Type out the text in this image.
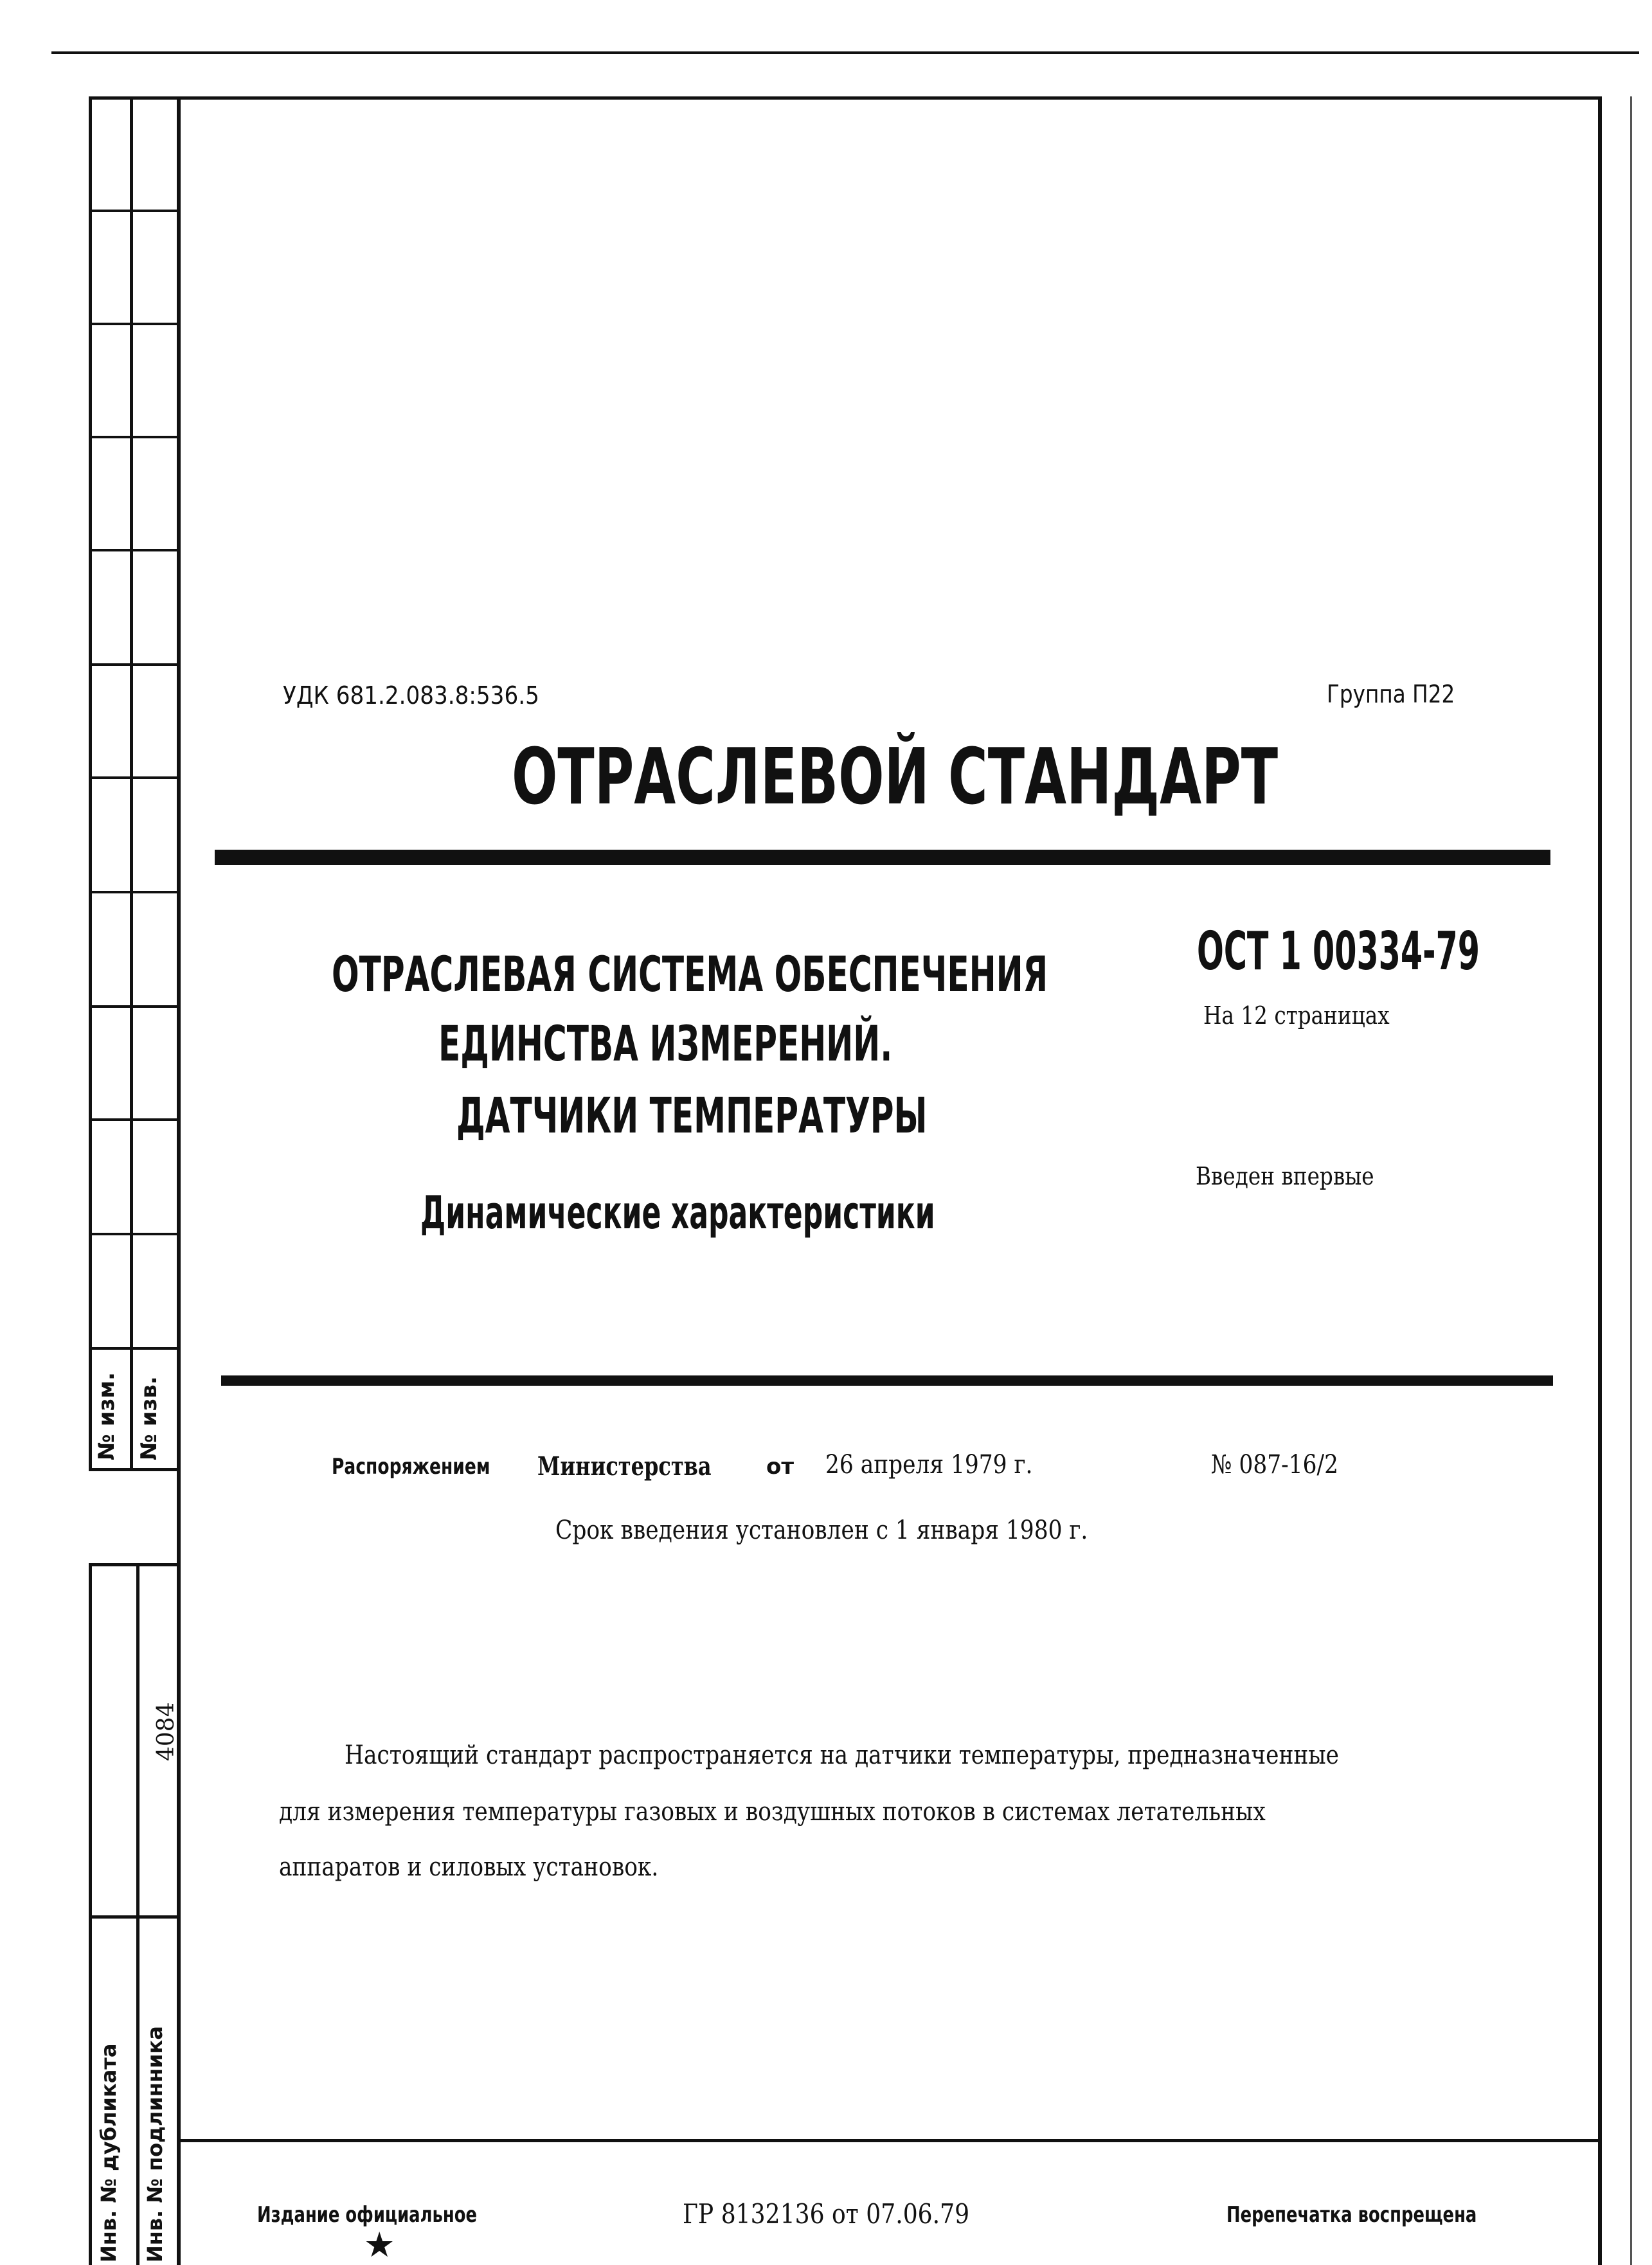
№ изм. № изв.
4084
Инв. № дубликата Инв. № подлинника
УДК 681.2.083.8:536.5	Группа П22
ОТРАСЛЕВОЙ СТАНДАРТ
ОТРАСЛЕВАЯ СИСТЕМА ОБЕСПЕЧЕНИЯ
ЕДИНСТВА ИЗМЕРЕНИЙ.
ДАТЧИКИ ТЕМПЕРАТУРЫ
Динамические характеристики
ОСТ 1 00334-79
На 12 страницах
Введен впервые
Распоряжением	Министерства	от 26 апреля 1979 г.	№ 087-16/2
Срок введения установлен с 1 января 1980 г.
Настоящий стандарт распространяется на датчики температуры, предназначенные
для измерения температуры газовых и воздушных потоков в системах летательных
аппаратов и силовых установок.
Издание официальное
★
ГР 8132136 от 07.06.79	Перепечатка воспрещена
